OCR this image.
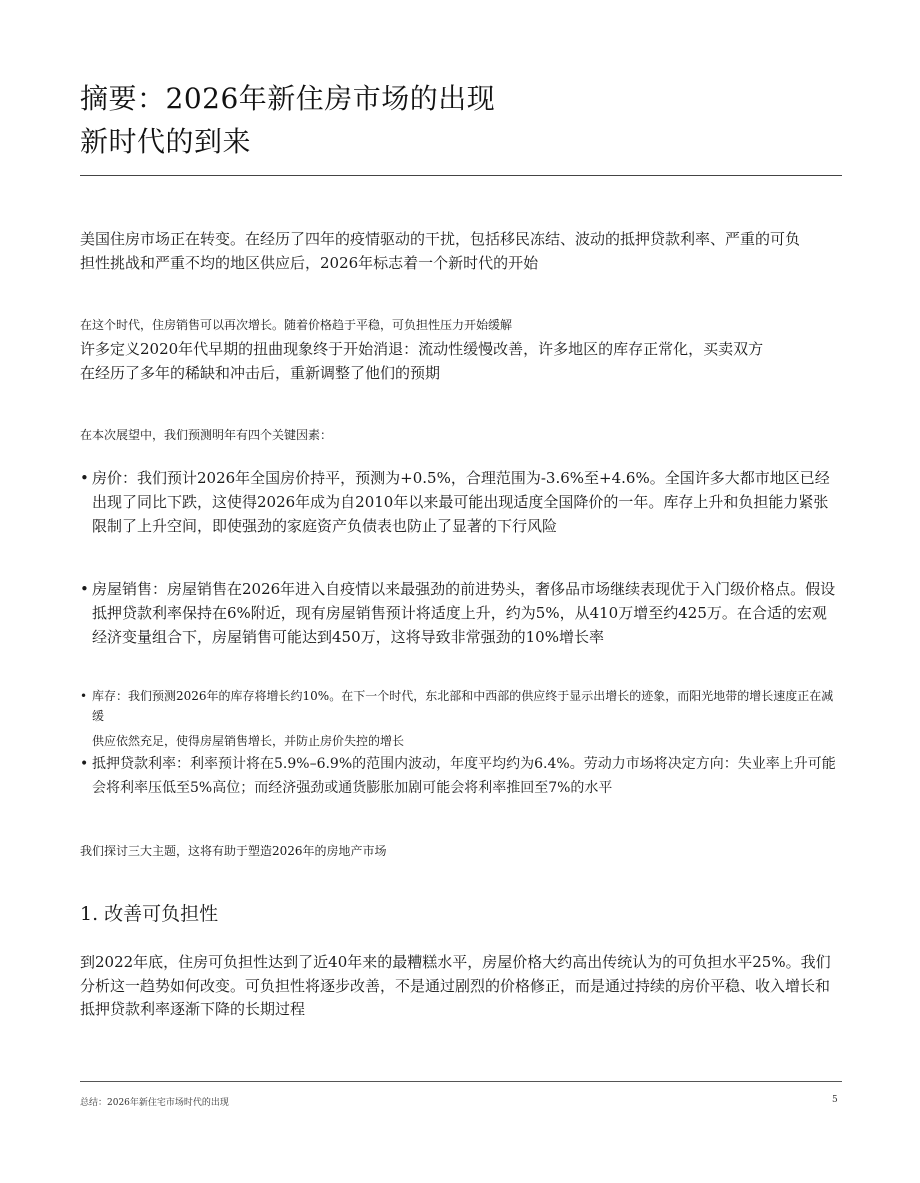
摘要：2026年新住房市场的出现
新时代的到来

美国住房市场正在转变。在经历了四年的疫情驱动的干扰，包括移民冻结、波动的抵押贷款利率、严重的可负担性挑战和严重不均的地区供应后，2026年标志着一个新时代的开始

在这个时代，住房销售可以再次增长。随着价格趋于平稳，可负担性压力开始缓解

许多定义2020年代早期的扭曲现象终于开始消退：流动性缓慢改善，许多地区的库存正常化，买卖双方在经历了多年的稀缺和冲击后，重新调整了他们的预期

在本次展望中，我们预测明年有四个关键因素：

• 房价：我们预计2026年全国房价持平，预测为+0.5%，合理范围为-3.6%至+4.6%。全国许多大都市地区已经出现了同比下跌，这使得2026年成为自2010年以来最可能出现适度全国降价的一年。库存上升和负担能力紧张限制了上升空间，即使强劲的家庭资产负债表也防止了显著的下行风险
• 房屋销售：房屋销售在2026年进入自疫情以来最强劲的前进势头，奢侈品市场继续表现优于入门级价格点。假设抵押贷款利率保持在6%附近，现有房屋销售预计将适度上升，约为5%，从410万增至约425万。在合适的宏观经济变量组合下，房屋销售可能达到450万，这将导致非常强劲的10%增长率
• 库存：我们预测2026年的库存将增长约10%。在下一个时代，东北部和中西部的供应终于显示出增长的迹象，而阳光地带的增长速度正在减缓

供应依然充足，使得房屋销售增长，并防止房价失控的增长

• 抵押贷款利率：利率预计将在5.9%–6.9%的范围内波动，年度平均约为6.4%。劳动力市场将决定方向：失业率上升可能会将利率压低至5%高位；而经济强劲或通货膨胀加剧可能会将利率推回至7%的水平

我们探讨三大主题，这将有助于塑造2026年的房地产市场

1. 改善可负担性

到2022年底，住房可负担性达到了近40年来的最糟糕水平，房屋价格大约高出传统认为的可负担水平25%。我们分析这一趋势如何改变。可负担性将逐步改善，不是通过剧烈的价格修正，而是通过持续的房价平稳、收入增长和抵押贷款利率逐渐下降的长期过程

总结：2026年新住宅市场时代的出现	5
